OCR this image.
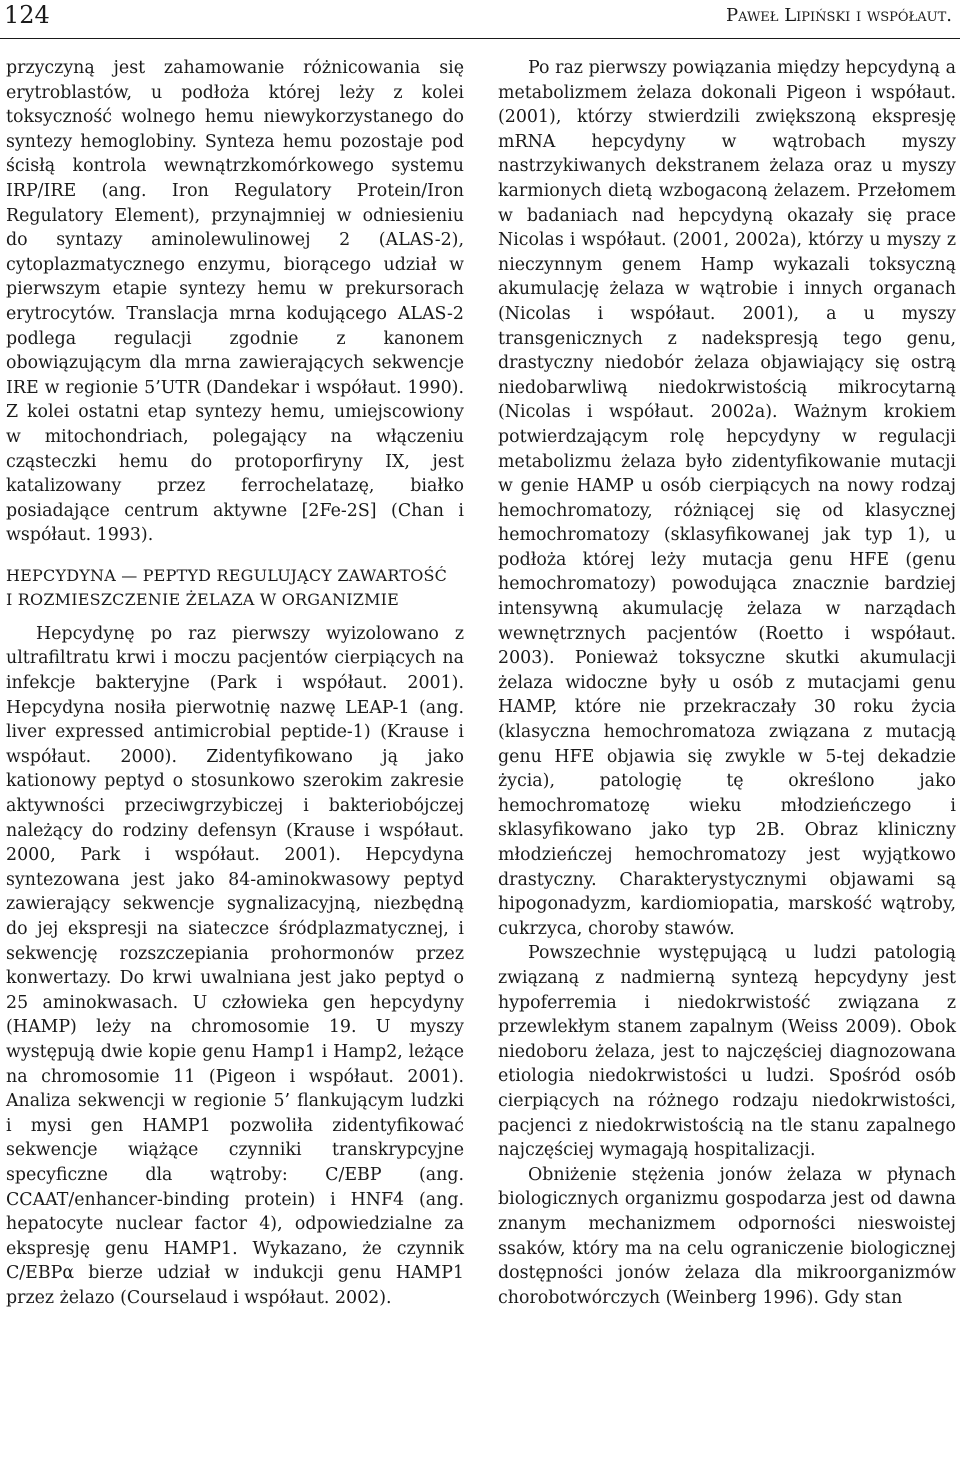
124	Paweł Lipiński i współaut.

przyczyną jest zahamowanie różnicowania się erytroblastów, u podłoża której leży z kolei toksyczność wolnego hemu niewykorzystanego do syntezy hemoglobiny. Synteza hemu pozostaje pod ścisłą kontrola wewnątrzkomórkowego systemu IRP/IRE (ang. Iron Regulatory Protein/Iron Regulatory Element), przynajmniej w odniesieniu do syntazy aminolewulinowej 2 (ALAS-2), cytoplazmatycznego enzymu, biorącego udział w pierwszym etapie syntezy hemu w prekursorach erytrocytów. Translacja mrna kodującego ALAS-2 podlega regulacji zgodnie z kanonem obowiązującym dla mrna zawierających sekwencje IRE w regionie 5’UTR (Dandekar i współaut. 1990). Z kolei ostatni etap syntezy hemu, umiejscowiony w mitochondriach, polegający na włączeniu cząsteczki hemu do protoporfiryny IX, jest katalizowany przez ferrochelatazę, białko posiadające centrum aktywne [2Fe-2S] (Chan i współaut. 1993).

HEPCYDYNA — PEPTYD REGULUJĄCY ZAWARTOŚĆ
I ROZMIESZCZENIE ŻELAZA W ORGANIZMIE

Hepcydynę po raz pierwszy wyizolowano z ultrafiltratu krwi i moczu pacjentów cierpiących na infekcje bakteryjne (Park i współaut. 2001). Hepcydyna nosiła pierwotnię nazwę LEAP-1 (ang. liver expressed antimicrobial peptide-1) (Krause i współaut. 2000). Zidentyfikowano ją jako kationowy peptyd o stosunkowo szerokim zakresie aktywności przeciwgrzybiczej i bakteriobójczej należący do rodziny defensyn (Krause i współaut. 2000, Park i współaut. 2001). Hepcydyna syntezowana jest jako 84-aminokwasowy peptyd zawierający sekwencje sygnalizacyjną, niezbędną do jej ekspresji na siateczce śródplazmatycznej, i sekwencję rozszczepiania prohormonów przez konwertazy. Do krwi uwalniana jest jako peptyd o 25 aminokwasach. U człowieka gen hepcydyny (HAMP) leży na chromosomie 19. U myszy występują dwie kopie genu Hamp1 i Hamp2, leżące na chromosomie 11 (Pigeon i współaut. 2001). Analiza sekwencji w regionie 5’ flankującym ludzki i mysi gen HAMP1 pozwoliła zidentyfikować sekwencje wiążące czynniki transkrypcyjne specyficzne dla wątroby: C/EBP (ang. CCAAT/enhancer-binding protein) i HNF4 (ang. hepatocyte nuclear factor 4), odpowiedzialne za ekspresję genu HAMP1. Wykazano, że czynnik C/EBPα bierze udział w indukcji genu HAMP1 przez żelazo (Courselaud i współaut. 2002).

Po raz pierwszy powiązania między hepcydyną a metabolizmem żelaza dokonali Pigeon i współaut. (2001), którzy stwierdzili zwiększoną ekspresję mRNA hepcydyny w wątrobach myszy nastrzykiwanych dekstranem żelaza oraz u myszy karmionych dietą wzbogaconą żelazem. Przełomem w badaniach nad hepcydyną okazały się prace Nicolas i współaut. (2001, 2002a), którzy u myszy z nieczynnym genem Hamp wykazali toksyczną akumulację żelaza w wątrobie i innych organach (Nicolas i współaut. 2001), a u myszy transgenicznych z nadekspresją tego genu, drastyczny niedobór żelaza objawiający się ostrą niedobarwliwą niedokrwistością mikrocytarną (Nicolas i współaut. 2002a). Ważnym krokiem potwierdzającym rolę hepcydyny w regulacji metabolizmu żelaza było zidentyfikowanie mutacji w genie HAMP u osób cierpiących na nowy rodzaj hemochromatozy, różniącej się od klasycznej hemochromatozy (sklasyfikowanej jak typ 1), u podłoża której leży mutacja genu HFE (genu hemochromatozy) powodująca znacznie bardziej intensywną akumulację żelaza w narządach wewnętrznych pacjentów (Roetto i współaut. 2003). Ponieważ toksyczne skutki akumulacji żelaza widoczne były u osób z mutacjami genu HAMP, które nie przekraczały 30 roku życia (klasyczna hemochromatoza związana z mutacją genu HFE objawia się zwykle w 5-tej dekadzie życia), patologię tę określono jako hemochromatozę wieku młodzieńczego i sklasyfikowano jako typ 2B. Obraz kliniczny młodzieńczej hemochromatozy jest wyjątkowo drastyczny. Charakterystycznymi objawami są hipogonadyzm, kardiomiopatia, marskość wątroby, cukrzyca, choroby stawów.

Powszechnie występującą u ludzi patologią związaną z nadmierną syntezą hepcydyny jest hypoferremia i niedokrwistość związana z przewlekłym stanem zapalnym (Weiss 2009). Obok niedoboru żelaza, jest to najczęściej diagnozowana etiologia niedokrwistości u ludzi. Spośród osób cierpiących na różnego rodzaju niedokrwistości, pacjenci z niedokrwistością na tle stanu zapalnego najczęściej wymagają hospitalizacji.

Obniżenie stężenia jonów żelaza w płynach biologicznych organizmu gospodarza jest od dawna znanym mechanizmem odporności nieswoistej ssaków, który ma na celu ograniczenie biologicznej dostępności jonów żelaza dla mikroorganizmów chorobotwórczych (Weinberg 1996). Gdy stan
